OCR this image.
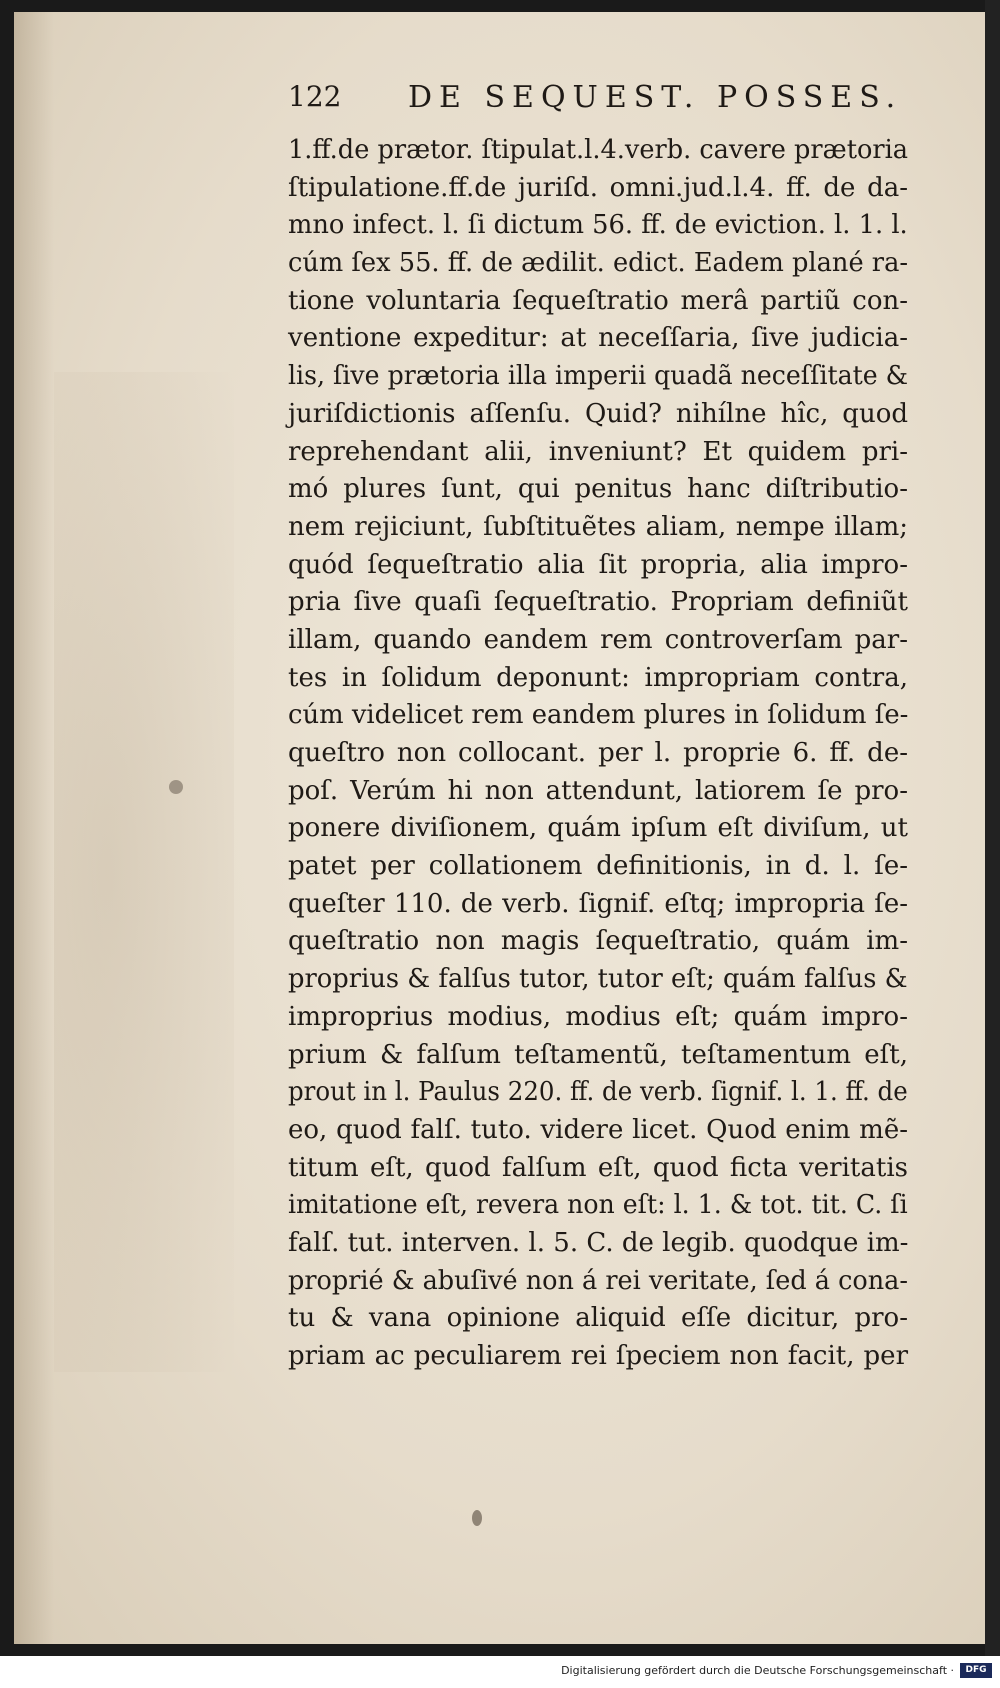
122 DE SEQUEST. POSSES.
1.ff.de prætor. ſtipulat.l.4.verb. cavere prætoria
ſtipulatione.ff.de juriſd. omni.jud.l.4. ff. de da-
mno infect. l. ſi dictum 56. ff. de eviction. l. 1. l.
cúm ſex 55. ff. de ædilit. edict. Eadem plané ra-
tione voluntaria ſequeſtratio merâ partiũ con-
ventione expeditur: at neceſſaria, ſive judicia-
lis, ſive prætoria illa imperii quadã neceſſitate &
juriſdictionis aſſenſu. Quid? nihílne hîc, quod
reprehendant alii, inveniunt? Et quidem pri-
mó plures ſunt, qui penitus hanc diſtributio-
nem rejiciunt, ſubſtituẽtes aliam, nempe illam;
quód ſequeſtratio alia ſit propria, alia impro-
pria ſive quaſi ſequeſtratio. Propriam definiũt
illam, quando eandem rem controverſam par-
tes in ſolidum deponunt: impropriam contra,
cúm videlicet rem eandem plures in ſolidum ſe-
queſtro non collocant. per l. proprie 6. ff. de-
poſ. Verúm hi non attendunt, latiorem ſe pro-
ponere diviſionem, quám ipſum eſt diviſum, ut
patet per collationem definitionis, in d. l. ſe-
queſter 110. de verb. ſignif. eſtq; impropria ſe-
queſtratio non magis ſequeſtratio, quám im-
proprius & falſus tutor, tutor eſt; quám falſus &
improprius modius, modius eſt; quám impro-
prium & falſum teſtamentũ, teſtamentum eſt,
prout in l. Paulus 220. ff. de verb. ſignif. l. 1. ff. de
eo, quod falſ. tuto. videre licet. Quod enim mẽ-
titum eſt, quod falſum eſt, quod ficta veritatis
imitatione eſt, revera non eſt: l. 1. & tot. tit. C. ſi
falſ. tut. interven. l. 5. C. de legib. quodque im-
proprié & abuſivé non á rei veritate, ſed á cona-
tu & vana opinione aliquid eſſe dicitur, pro-
priam ac peculiarem rei ſpeciem non facit, per
Digitalisierung gefördert durch die Deutsche Forschungsgemeinschaft ·	DFG
